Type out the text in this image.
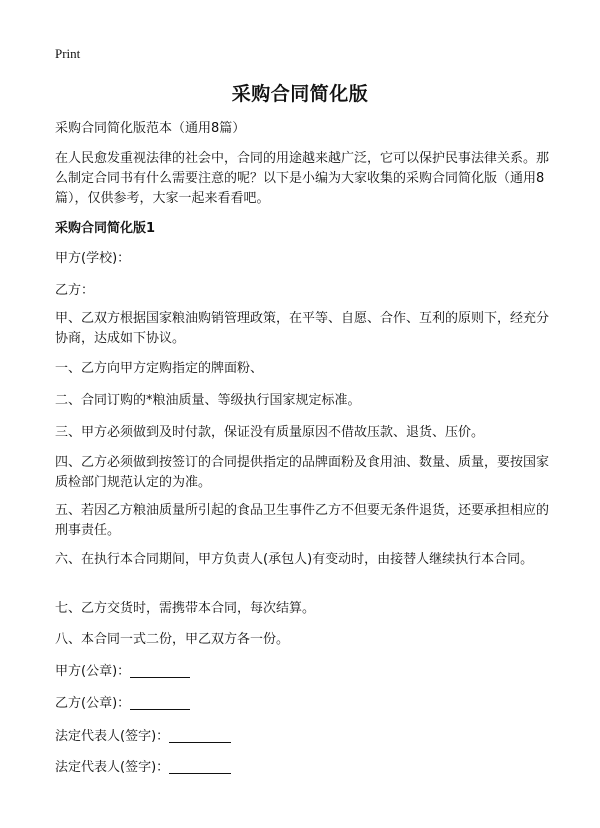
Print
采购合同简化版
采购合同简化版范本（通用8篇）
在人民愈发重视法律的社会中，合同的用途越来越广泛，它可以保护民事法律关系。那么制定合同书有什么需要注意的呢？以下是小编为大家收集的采购合同简化版（通用8篇），仅供参考，大家一起来看看吧。
采购合同简化版1
甲方(学校)：
乙方：
甲、乙双方根据国家粮油购销管理政策，在平等、自愿、合作、互利的原则下，经充分协商，达成如下协议。
一、乙方向甲方定购指定的牌面粉、
二、合同订购的*粮油质量、等级执行国家规定标准。
三、甲方必须做到及时付款，保证没有质量原因不借故压款、退货、压价。
四、乙方必须做到按签订的合同提供指定的品牌面粉及食用油、数量、质量，要按国家质检部门规范认定的为准。
五、若因乙方粮油质量所引起的食品卫生事件乙方不但要无条件退货，还要承担相应的刑事责任。
六、在执行本合同期间，甲方负责人(承包人)有变动时，由接替人继续执行本合同。
七、乙方交货时，需携带本合同，每次结算。
八、本合同一式二份，甲乙双方各一份。
甲方(公章)：
乙方(公章)：
法定代表人(签字)：
法定代表人(签字)：
